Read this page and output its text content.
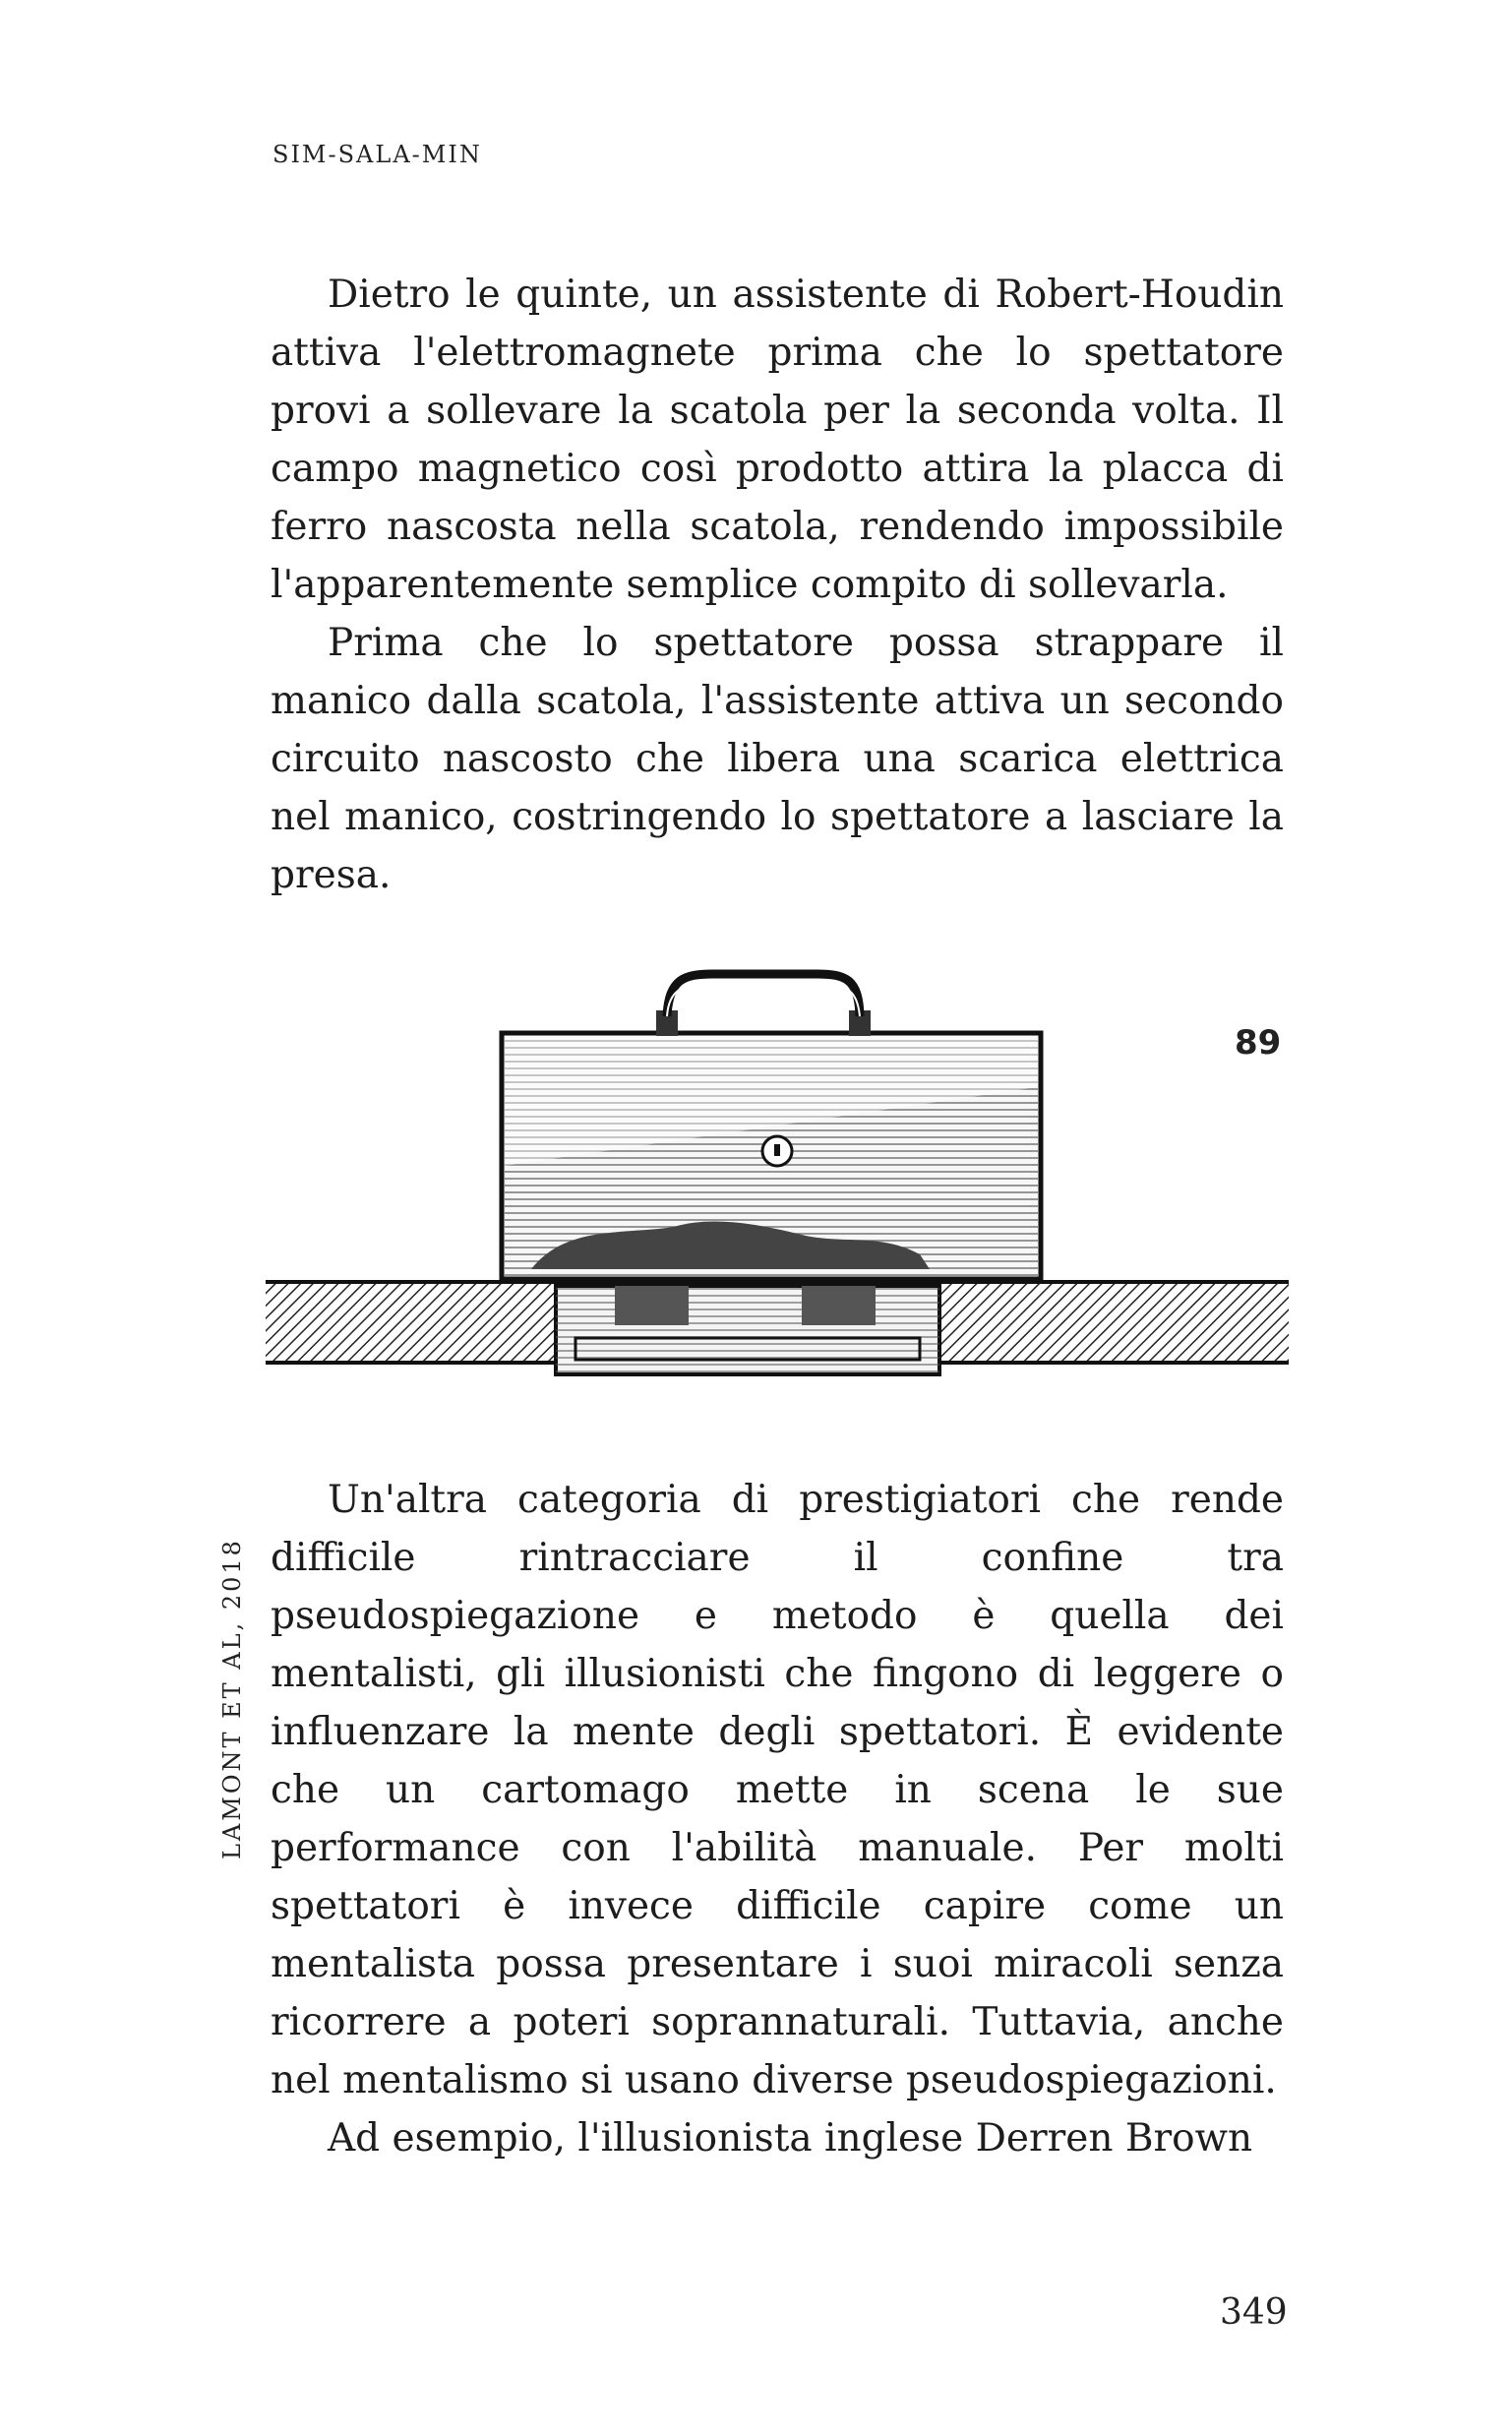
SIM-SALA-MIN

Dietro le quinte, un assistente di Robert-Houdin attiva l'elettromagnete prima che lo spettatore provi a sollevare la scatola per la seconda volta. Il campo magnetico così prodotto attira la placca di ferro nascosta nella scatola, rendendo impossibile l'apparentemente semplice compito di sollevarla.

Prima che lo spettatore possa strappare il manico dalla scatola, l'assistente attiva un secondo circuito nascosto che libera una scarica elettrica nel manico, costringendo lo spettatore a lasciare la presa.

89
LAMONT ET AL, 2018

Un'altra categoria di prestigiatori che rende difficile rintracciare il confine tra pseudospiegazione e metodo è quella dei mentalisti, gli illusionisti che fingono di leggere o influenzare la mente degli spettatori. È evidente che un cartomago mette in scena le sue performance con l'abilità manuale. Per molti spettatori è invece difficile capire come un mentalista possa presentare i suoi miracoli senza ricorrere a poteri soprannaturali. Tuttavia, anche nel mentalismo si usano diverse pseudospiegazioni.

Ad esempio, l'illusionista inglese Derren Brown

349
